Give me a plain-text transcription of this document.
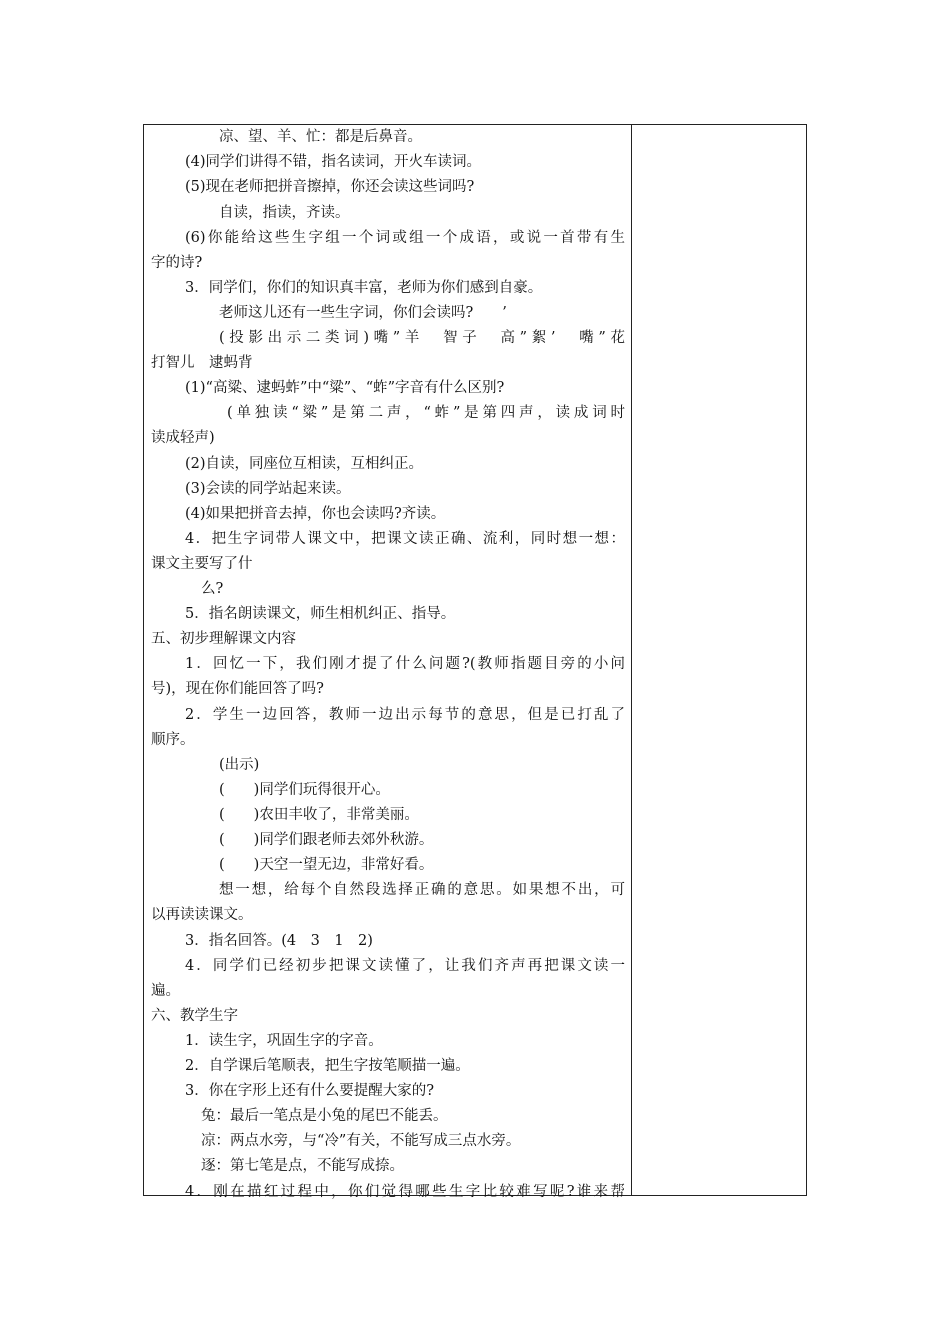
凉、望、羊、忙：都是后鼻音。
(4)同学们讲得不错，指名读词，开火车读词。
(5)现在老师把拼音擦掉，你还会读这些词吗?
自读，指读，齐读。
(6)你能给这些生字组一个词或组一个成语，或说一首带有生
字的诗?
3．同学们，你们的知识真丰富，老师为你们感到自豪。
老师这儿还有一些生字词，你们会读吗?　　’
(投影出示二类词)嘴”羊　智子　高”絮’　嘴”花
打智儿　逮蚂背
(1)“高粱、逮蚂蚱”中“粱”、“蚱”字音有什么区别?
(单独读“粱”是第二声，“蚱”是第四声，读成词时
读成轻声)
(2)自读，同座位互相读，互相纠正。
(3)会读的同学站起来读。
(4)如果把拼音去掉，你也会读吗?齐读。
4．把生字词带人课文中，把课文读正确、流利，同时想一想：
课文主要写了什
么?
5．指名朗读课文，师生相机纠正、指导。
五、初步理解课文内容
1．回忆一下，我们刚才提了什么问题?(教师指题目旁的小问
号)，现在你们能回答了吗?
2．学生一边回答，教师一边出示每节的意思，但是已打乱了
顺序。
(出示)
(　　)同学们玩得很开心。
(　　)农田丰收了，非常美丽。
(　　)同学们跟老师去郊外秋游。
(　　)天空一望无边，非常好看。
想一想，给每个自然段选择正确的意思。如果想不出，可
以再读读课文。
3．指名回答。(4　3　1　2)
4．同学们已经初步把课文读懂了，让我们齐声再把课文读一
遍。
六、教学生字
1．读生字，巩固生字的字音。
2．自学课后笔顺表，把生字按笔顺描一遍。
3．你在字形上还有什么要提醒大家的?
兔：最后一笔点是小兔的尾巴不能丢。
凉：两点水旁，与“冷”有关，不能写成三点水旁。
逐：第七笔是点，不能写成捺。
4．刚在描红过程中，你们觉得哪些生字比较难写呢?谁来帮
